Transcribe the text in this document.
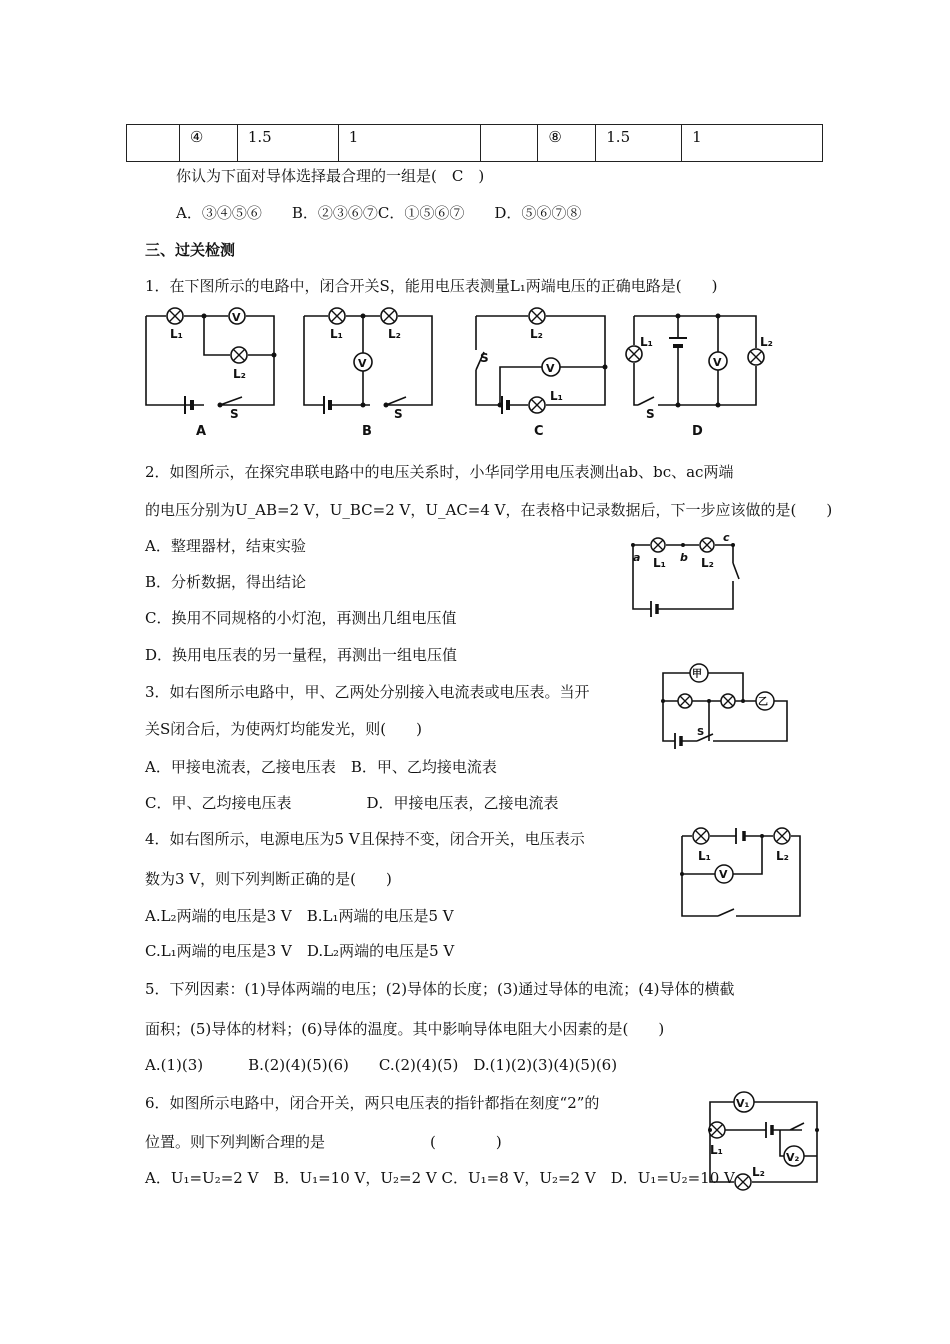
	④	1.5	1		⑧	1.5	1
你认为下面对导体选择最合理的一组是(　C　)
A．③④⑤⑥　　B．②③⑥⑦C．①⑤⑥⑦　　D．⑤⑥⑦⑧
三、过关检测
1．在下图所示的电路中，闭合开关S，能用电压表测量L₁两端电压的正确电路是(　　)
V
L₁
L₂
S
A
V
L₁	L₂
S
B
V
L₂
L₁
S
C
V
L₁	L₂
S
D
2．如图所示，在探究串联电路中的电压关系时，小华同学用电压表测出ab、bc、ac两端
的电压分别为U_AB=2 V，U_BC=2 V，U_AC=4 V，在表格中记录数据后，下一步应该做的是(　　)
A．整理器材，结束实验
B．分析数据，得出结论
C．换用不同规格的小灯泡，再测出几组电压值
D．换用电压表的另一量程，再测出一组电压值
a	b
c
L₁	L₂
3．如右图所示电路中，甲、乙两处分别接入电流表或电压表。当开
关S闭合后，为使两灯均能发光，则(　　)
A．甲接电流表，乙接电压表　B．甲、乙均接电流表
C．甲、乙均接电压表　　　　　D．甲接电压表，乙接电流表
甲
乙
S
4．如右图所示，电源电压为5 V且保持不变，闭合开关，电压表示
数为3 V，则下列判断正确的是(　　)
A.L₂两端的电压是3 V　B.L₁两端的电压是5 V
C.L₁两端的电压是3 V　D.L₂两端的电压是5 V
V
L₁	L₂
5．下列因素：(1)导体两端的电压；(2)导体的长度；(3)通过导体的电流；(4)导体的横截
面积；(5)导体的材料；(6)导体的温度。其中影响导体电阻大小因素的是(　　)
A.(1)(3)　　　B.(2)(4)(5)(6)　　C.(2)(4)(5)　D.(1)(2)(3)(4)(5)(6)
6．如图所示电路中，闭合开关，两只电压表的指针都指在刻度“2”的
位置。则下列判断合理的是　　　　　　　(　　　　)
A．U₁=U₂=2 V　B．U₁=10 V，U₂=2 V C．U₁=8 V，U₂=2 V　D．U₁=U₂=10 V
V₁
V₂
L₁
L₂
